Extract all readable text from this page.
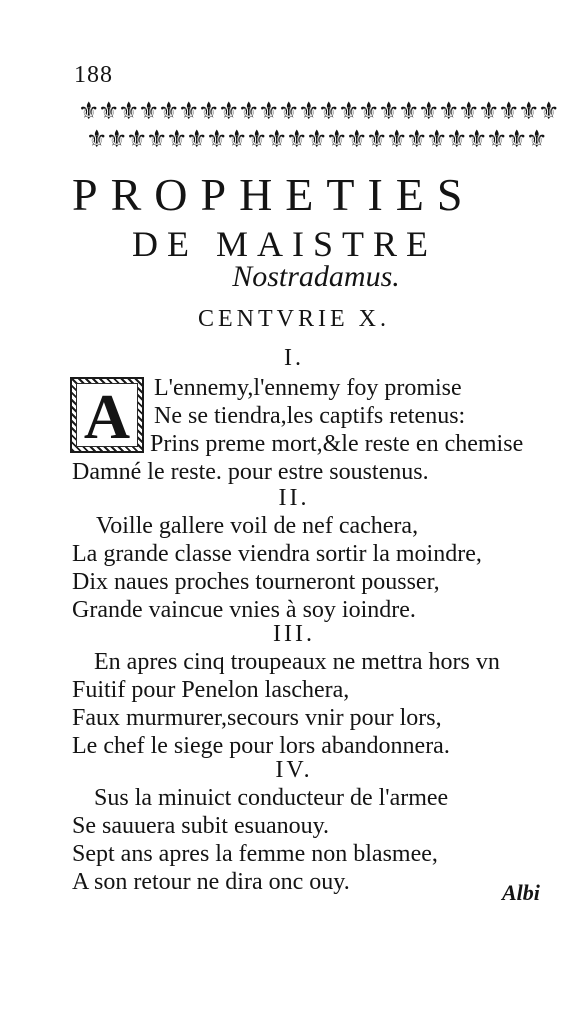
188
⚜
⚜
⚜
⚜
⚜
⚜
⚜
⚜
⚜
⚜
⚜
⚜
⚜
⚜
⚜
⚜
⚜
⚜
⚜
⚜
⚜
⚜
⚜
⚜
⚜
⚜
⚜
⚜
⚜
⚜
⚜
⚜
⚜
⚜
⚜
⚜
⚜
⚜
⚜
⚜
⚜
⚜
⚜
⚜
⚜
⚜
⚜
PROPHETIES
DE MAISTRE
Nostradamus.
CENTVRIE X.
I.
A L'ennemy,l'ennemy foy promise
Ne se tiendra,les captifs retenus:
Prins preme mort,&le reste en chemise
Damné le reste. pour estre soustenus.
II.
Voille gallere voil de nef cachera,
La grande classe viendra sortir la moindre,
Dix naues proches tourneront pousser,
Grande vaincue vnies à soy ioindre.
III.
En apres cinq troupeaux ne mettra hors vn
Fuitif pour Penelon laschera,
Faux murmurer,secours vnir pour lors,
Le chef le siege pour lors abandonnera.
IV.
Sus la minuict conducteur de l'armee
Se sauuera subit esuanouy.
Sept ans apres la femme non blasmee,
A son retour ne dira onc ouy.	Albi
